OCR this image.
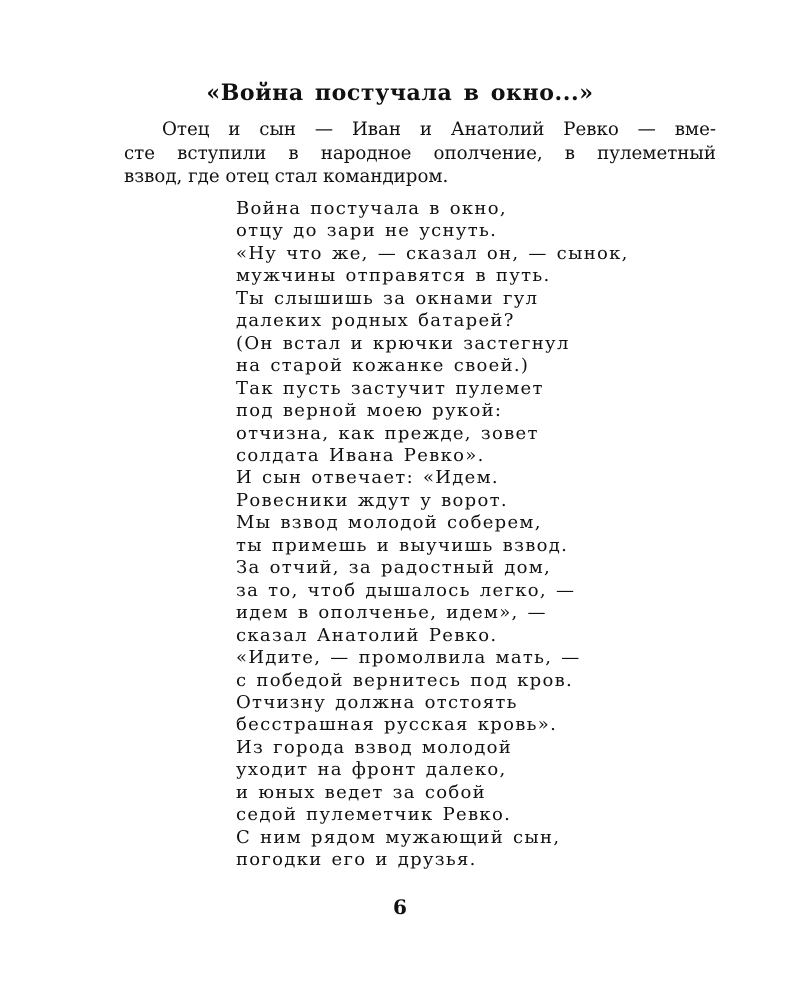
«Война постучала в окно...»

Отец и сын — Иван и Анатолий Ревко — вме-
сте вступили в народное ополчение, в пулеметный
взвод, где отец стал командиром.

Война постучала в окно,
отцу до зари не уснуть.
«Ну что же, — сказал он, — сынок,
мужчины отправятся в путь.
Ты слышишь за окнами гул
далеких родных батарей?
(Он встал и крючки застегнул
на старой кожанке своей.)
Так пусть застучит пулемет
под верной моею рукой:
отчизна, как прежде, зовет
солдата Ивана Ревко».
И сын отвечает: «Идем.
Ровесники ждут у ворот.
Мы взвод молодой соберем,
ты примешь и выучишь взвод.
За отчий, за радостный дом,
за то, чтоб дышалось легко, —
идем в ополченье, идем», —
сказал Анатолий Ревко.
«Идите, — промолвила мать, —
с победой вернитесь под кров.
Отчизну должна отстоять
бесстрашная русская кровь».
Из города взвод молодой
уходит на фронт далеко,
и юных ведет за собой
седой пулеметчик Ревко.
С ним рядом мужающий сын,
погодки его и друзья.
6
